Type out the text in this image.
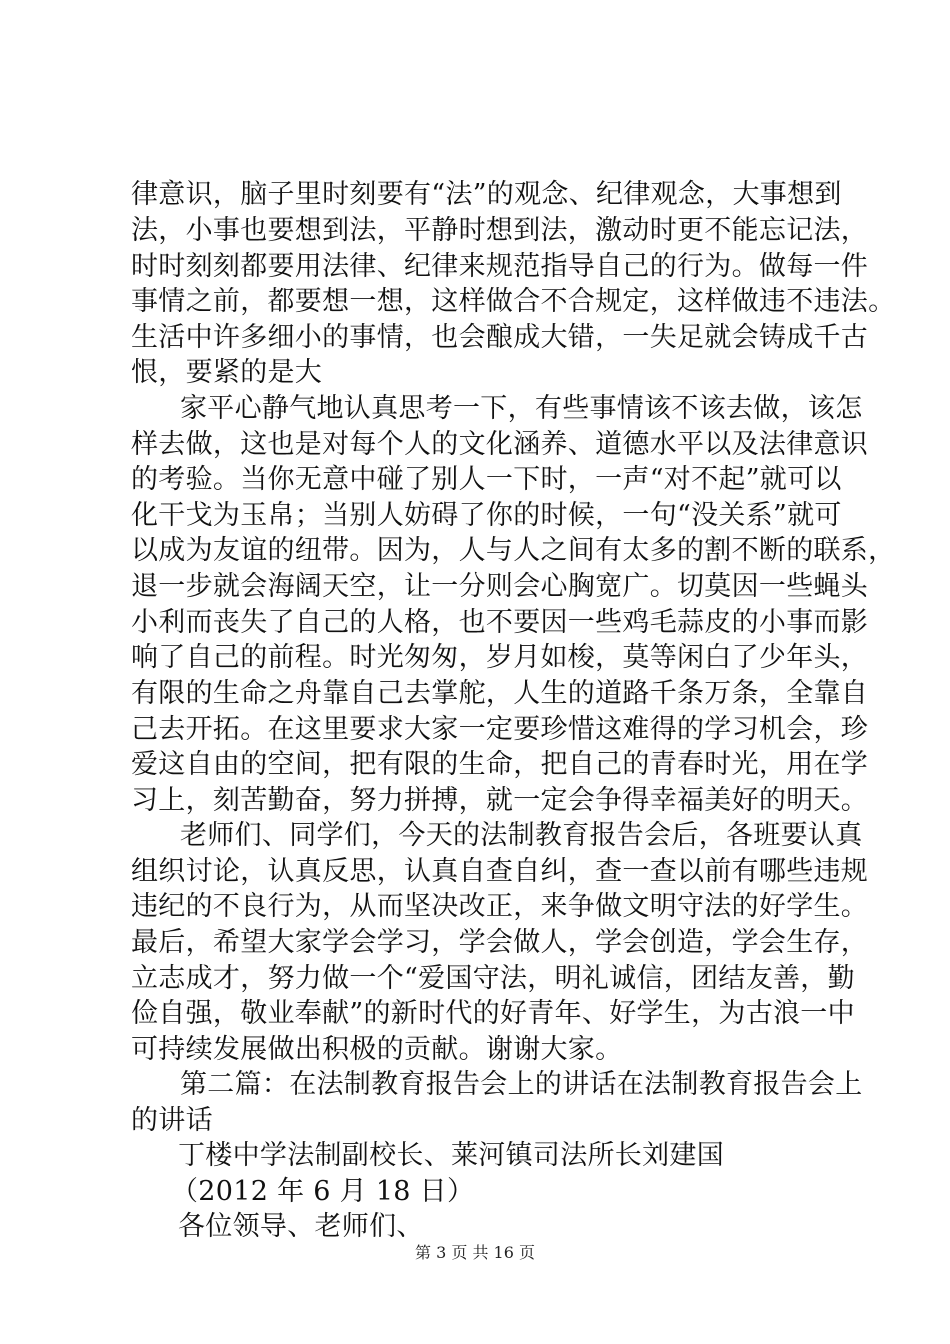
律意识，脑子里时刻要有“法”的观念、纪律观念，大事想到
法，小事也要想到法，平静时想到法，激动时更不能忘记法，
时时刻刻都要用法律、纪律来规范指导自己的行为。做每一件
事情之前，都要想一想，这样做合不合规定，这样做违不违法。
生活中许多细小的事情，也会酿成大错，一失足就会铸成千古
恨，要紧的是大
家平心静气地认真思考一下，有些事情该不该去做，该怎
样去做，这也是对每个人的文化涵养、道德水平以及法律意识
的考验。当你无意中碰了别人一下时，一声“对不起”就可以
化干戈为玉帛；当别人妨碍了你的时候，一句“没关系”就可
以成为友谊的纽带。因为，人与人之间有太多的割不断的联系，
退一步就会海阔天空，让一分则会心胸宽广。切莫因一些蝇头
小利而丧失了自己的人格，也不要因一些鸡毛蒜皮的小事而影
响了自己的前程。时光匆匆，岁月如梭，莫等闲白了少年头，
有限的生命之舟靠自己去掌舵，人生的道路千条万条，全靠自
己去开拓。在这里要求大家一定要珍惜这难得的学习机会，珍
爱这自由的空间，把有限的生命，把自己的青春时光，用在学
习上，刻苦勤奋，努力拼搏，就一定会争得幸福美好的明天。
老师们、同学们，今天的法制教育报告会后，各班要认真
组织讨论，认真反思，认真自查自纠，查一查以前有哪些违规
违纪的不良行为，从而坚决改正，来争做文明守法的好学生。
最后，希望大家学会学习，学会做人，学会创造，学会生存，
立志成才，努力做一个“爱国守法，明礼诚信，团结友善，勤
俭自强，敬业奉献”的新时代的好青年、好学生，为古浪一中
可持续发展做出积极的贡献。谢谢大家。
第二篇：在法制教育报告会上的讲话在法制教育报告会上
的讲话
丁楼中学法制副校长、莱河镇司法所长刘建国
（2012 年 6 月 18 日）
各位领导、老师们、
第 3 页 共 16 页
